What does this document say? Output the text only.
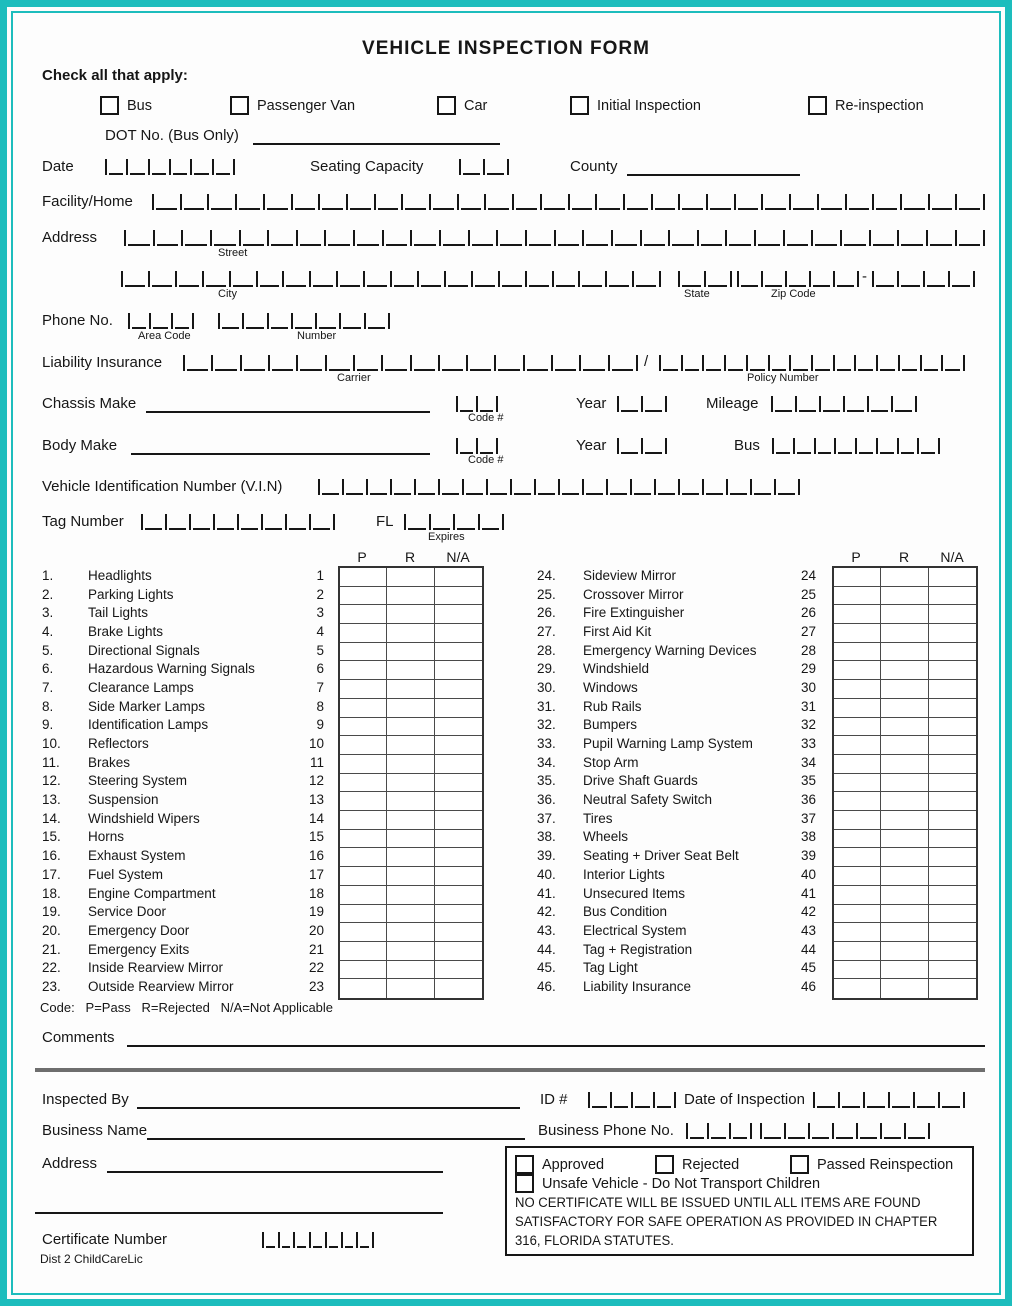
VEHICLE INSPECTION FORM
Check all that apply:
Bus	Passenger Van	Car	Initial Inspection	Re-inspection
DOT No. (Bus Only)
Date	Seating Capacity	County
Facility/Home
Address
Street
-
City	State	Zip Code
Phone No.
Area Code	Number
Liability Insurance	/
Carrier	Policy Number
Chassis Make
Code #
Year	Mileage
Body Make
Code #
Year	Bus
Vehicle Identification Number (V.I.N)
Tag Number	FL
Expires
P	R	N/A	P	R	N/A
1.	Headlights	1
2.	Parking Lights	2
3.	Tail Lights	3
4.	Brake Lights	4
5.	Directional Signals	5
6.	Hazardous Warning Signals	6
7.	Clearance Lamps	7
8.	Side Marker Lamps	8
9.	Identification Lamps	9
10.	Reflectors	10
11.	Brakes	11
12.	Steering System	12
13.	Suspension	13
14.	Windshield Wipers	14
15.	Horns	15
16.	Exhaust System	16
17.	Fuel System	17
18.	Engine Compartment	18
19.	Service Door	19
20.	Emergency Door	20
21.	Emergency Exits	21
22.	Inside Rearview Mirror	22
23.	Outside Rearview Mirror	23
24.	Sideview Mirror	24
25.	Crossover Mirror	25
26.	Fire Extinguisher	26
27.	First Aid Kit	27
28.	Emergency Warning Devices	28
29.	Windshield	29
30.	Windows	30
31.	Rub Rails	31
32.	Bumpers	32
33.	Pupil Warning Lamp System	33
34.	Stop Arm	34
35.	Drive Shaft Guards	35
36.	Neutral Safety Switch	36
37.	Tires	37
38.	Wheels	38
39.	Seating + Driver Seat Belt	39
40.	Interior Lights	40
41.	Unsecured Items	41
42.	Bus Condition	42
43.	Electrical System	43
44.	Tag + Registration	44
45.	Tag Light	45
46.	Liability Insurance	46
Code:   P=Pass   R=Rejected   N/A=Not Applicable
Comments
Inspected By	ID #	Date of Inspection
Business Name	Business Phone No.
Address	Approved	Rejected	Passed Reinspection
Unsafe Vehicle - Do Not Transport Children
NO CERTIFICATE WILL BE ISSUED UNTIL ALL ITEMS ARE FOUND
SATISFACTORY FOR SAFE OPERATION AS PROVIDED IN CHAPTER
316, FLORIDA STATUTES.
Certificate Number
Dist 2 ChildCareLic
